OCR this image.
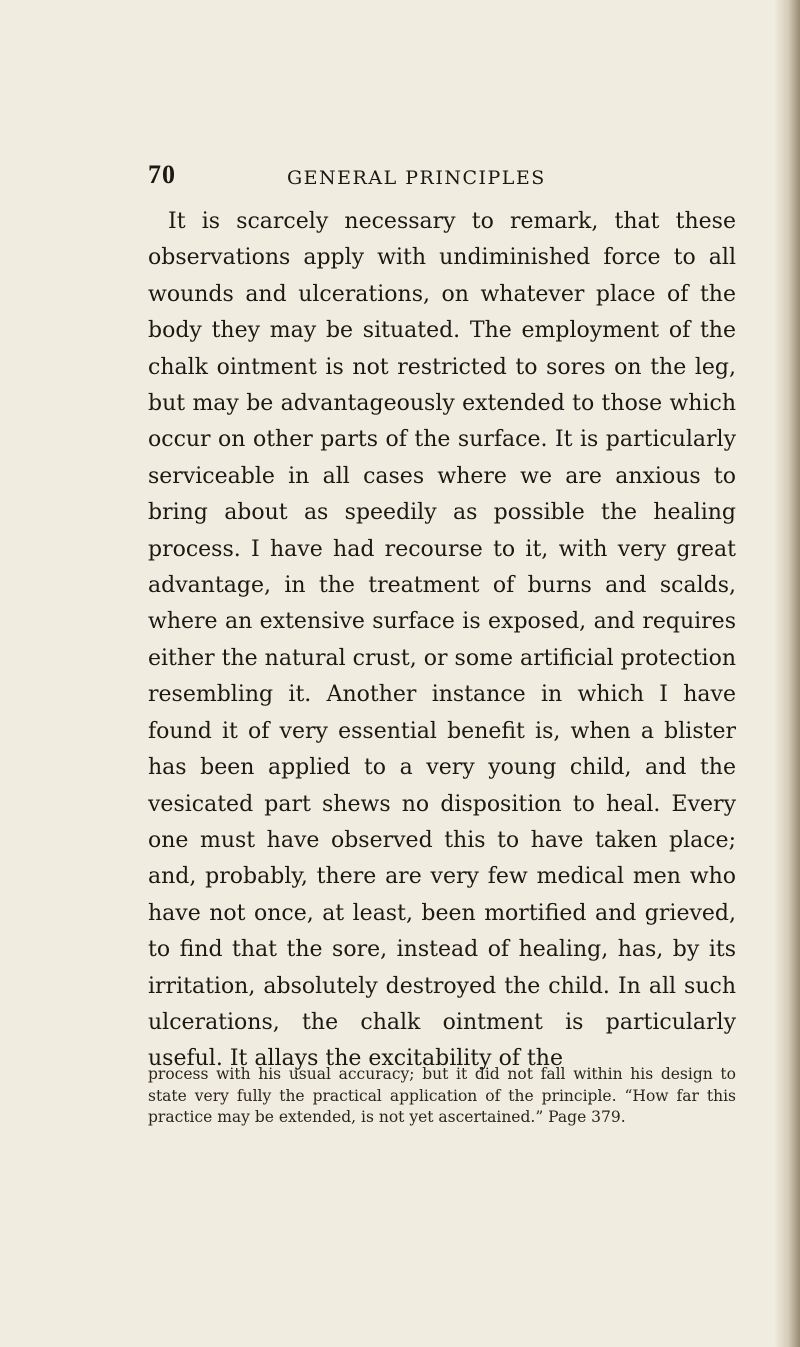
70	GENERAL PRINCIPLES

It is scarcely necessary to remark, that these observations apply with undiminished force to all wounds and ulcerations, on whatever place of the body they may be situated. The employment of the chalk ointment is not restricted to sores on the leg, but may be advantageously extended to those which occur on other parts of the surface. It is particularly serviceable in all cases where we are anxious to bring about as speedily as possible the healing process. I have had recourse to it, with very great advantage, in the treatment of burns and scalds, where an extensive surface is exposed, and requires either the natural crust, or some artificial protection resembling it. Another instance in which I have found it of very essential benefit is, when a blister has been applied to a very young child, and the vesicated part shews no disposition to heal. Every one must have observed this to have taken place; and, probably, there are very few medical men who have not once, at least, been mortified and grieved, to find that the sore, instead of healing, has, by its irritation, absolutely destroyed the child. In all such ulcerations, the chalk ointment is particularly useful. It allays the excitability of the

process with his usual accuracy; but it did not fall within his design to state very fully the practical application of the principle. “How far this practice may be extended, is not yet ascertained.” Page 379.
